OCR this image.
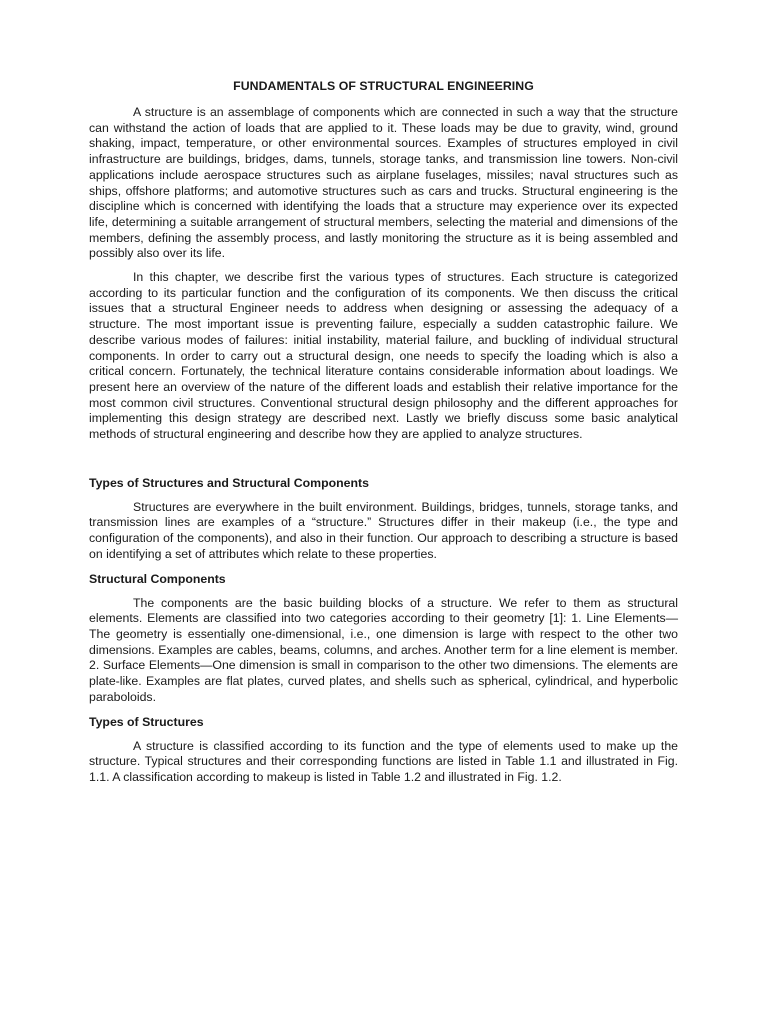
FUNDAMENTALS OF STRUCTURAL ENGINEERING

A structure is an assemblage of components which are connected in such a way that the structure can withstand the action of loads that are applied to it. These loads may be due to gravity, wind, ground shaking, impact, temperature, or other environmental sources. Examples of structures employed in civil infrastructure are buildings, bridges, dams, tunnels, storage tanks, and transmission line towers. Non-civil applications include aerospace structures such as airplane fuselages, missiles; naval structures such as ships, offshore platforms; and automotive structures such as cars and trucks. Structural engineering is the discipline which is concerned with identifying the loads that a structure may experience over its expected life, determining a suitable arrangement of structural members, selecting the material and dimensions of the members, defining the assembly process, and lastly monitoring the structure as it is being assembled and possibly also over its life.

In this chapter, we describe first the various types of structures. Each structure is categorized according to its particular function and the configuration of its components. We then discuss the critical issues that a structural Engineer needs to address when designing or assessing the adequacy of a structure. The most important issue is preventing failure, especially a sudden catastrophic failure. We describe various modes of failures: initial instability, material failure, and buckling of individual structural components. In order to carry out a structural design, one needs to specify the loading which is also a critical concern. Fortunately, the technical literature contains considerable information about loadings. We present here an overview of the nature of the different loads and establish their relative importance for the most common civil structures. Conventional structural design philosophy and the different approaches for implementing this design strategy are described next. Lastly we briefly discuss some basic analytical methods of structural engineering and describe how they are applied to analyze structures.

Types of Structures and Structural Components

Structures are everywhere in the built environment. Buildings, bridges, tunnels, storage tanks, and transmission lines are examples of a “structure.” Structures differ in their makeup (i.e., the type and configuration of the components), and also in their function. Our approach to describing a structure is based on identifying a set of attributes which relate to these properties.

Structural Components

The components are the basic building blocks of a structure. We refer to them as structural elements. Elements are classified into two categories according to their geometry [1]: 1. Line Elements—The geometry is essentially one-dimensional, i.e., one dimension is large with respect to the other two dimensions. Examples are cables, beams, columns, and arches. Another term for a line element is member. 2. Surface Elements—One dimension is small in comparison to the other two dimensions. The elements are plate-like. Examples are flat plates, curved plates, and shells such as spherical, cylindrical, and hyperbolic paraboloids.

Types of Structures

A structure is classified according to its function and the type of elements used to make up the structure. Typical structures and their corresponding functions are listed in Table 1.1 and illustrated in Fig. 1.1. A classification according to makeup is listed in Table 1.2 and illustrated in Fig. 1.2.
